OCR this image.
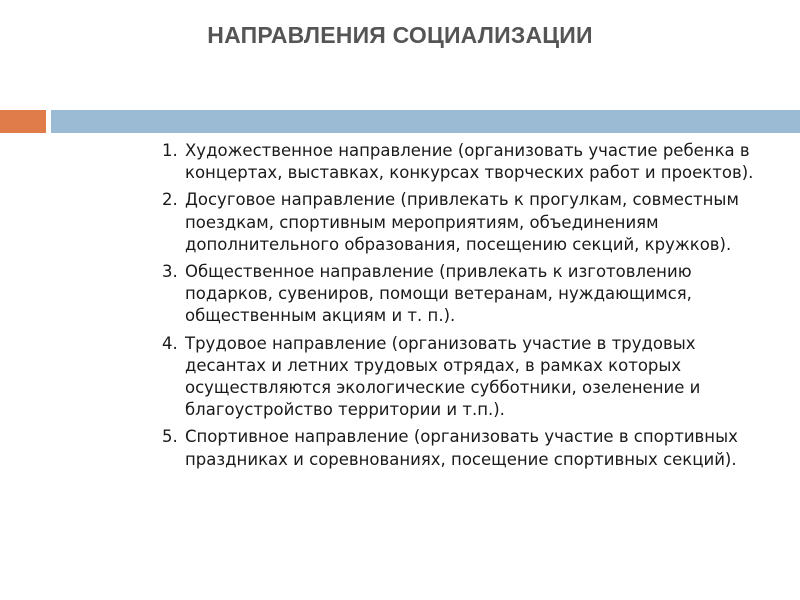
НАПРАВЛЕНИЯ СОЦИАЛИЗАЦИИ
1. Художественное направление (организовать участие ребенка в концертах, выставках, конкурсах творческих работ и проектов).
2. Досуговое направление (привлекать к прогулкам, совместным поездкам, спортивным мероприятиям, объединениям дополнительного образования, посещению секций, кружков).
3. Общественное направление (привлекать к изготовлению подарков, сувениров, помощи ветеранам, нуждающимся, общественным акциям и т. п.).
4. Трудовое направление (организовать участие в трудовых десантах и летних трудовых отрядах, в рамках которых осуществляются экологические субботники, озеленение и благоустройство территории и т.п.).
5. Спортивное направление (организовать участие в спортивных праздниках и соревнованиях, посещение спортивных секций).
